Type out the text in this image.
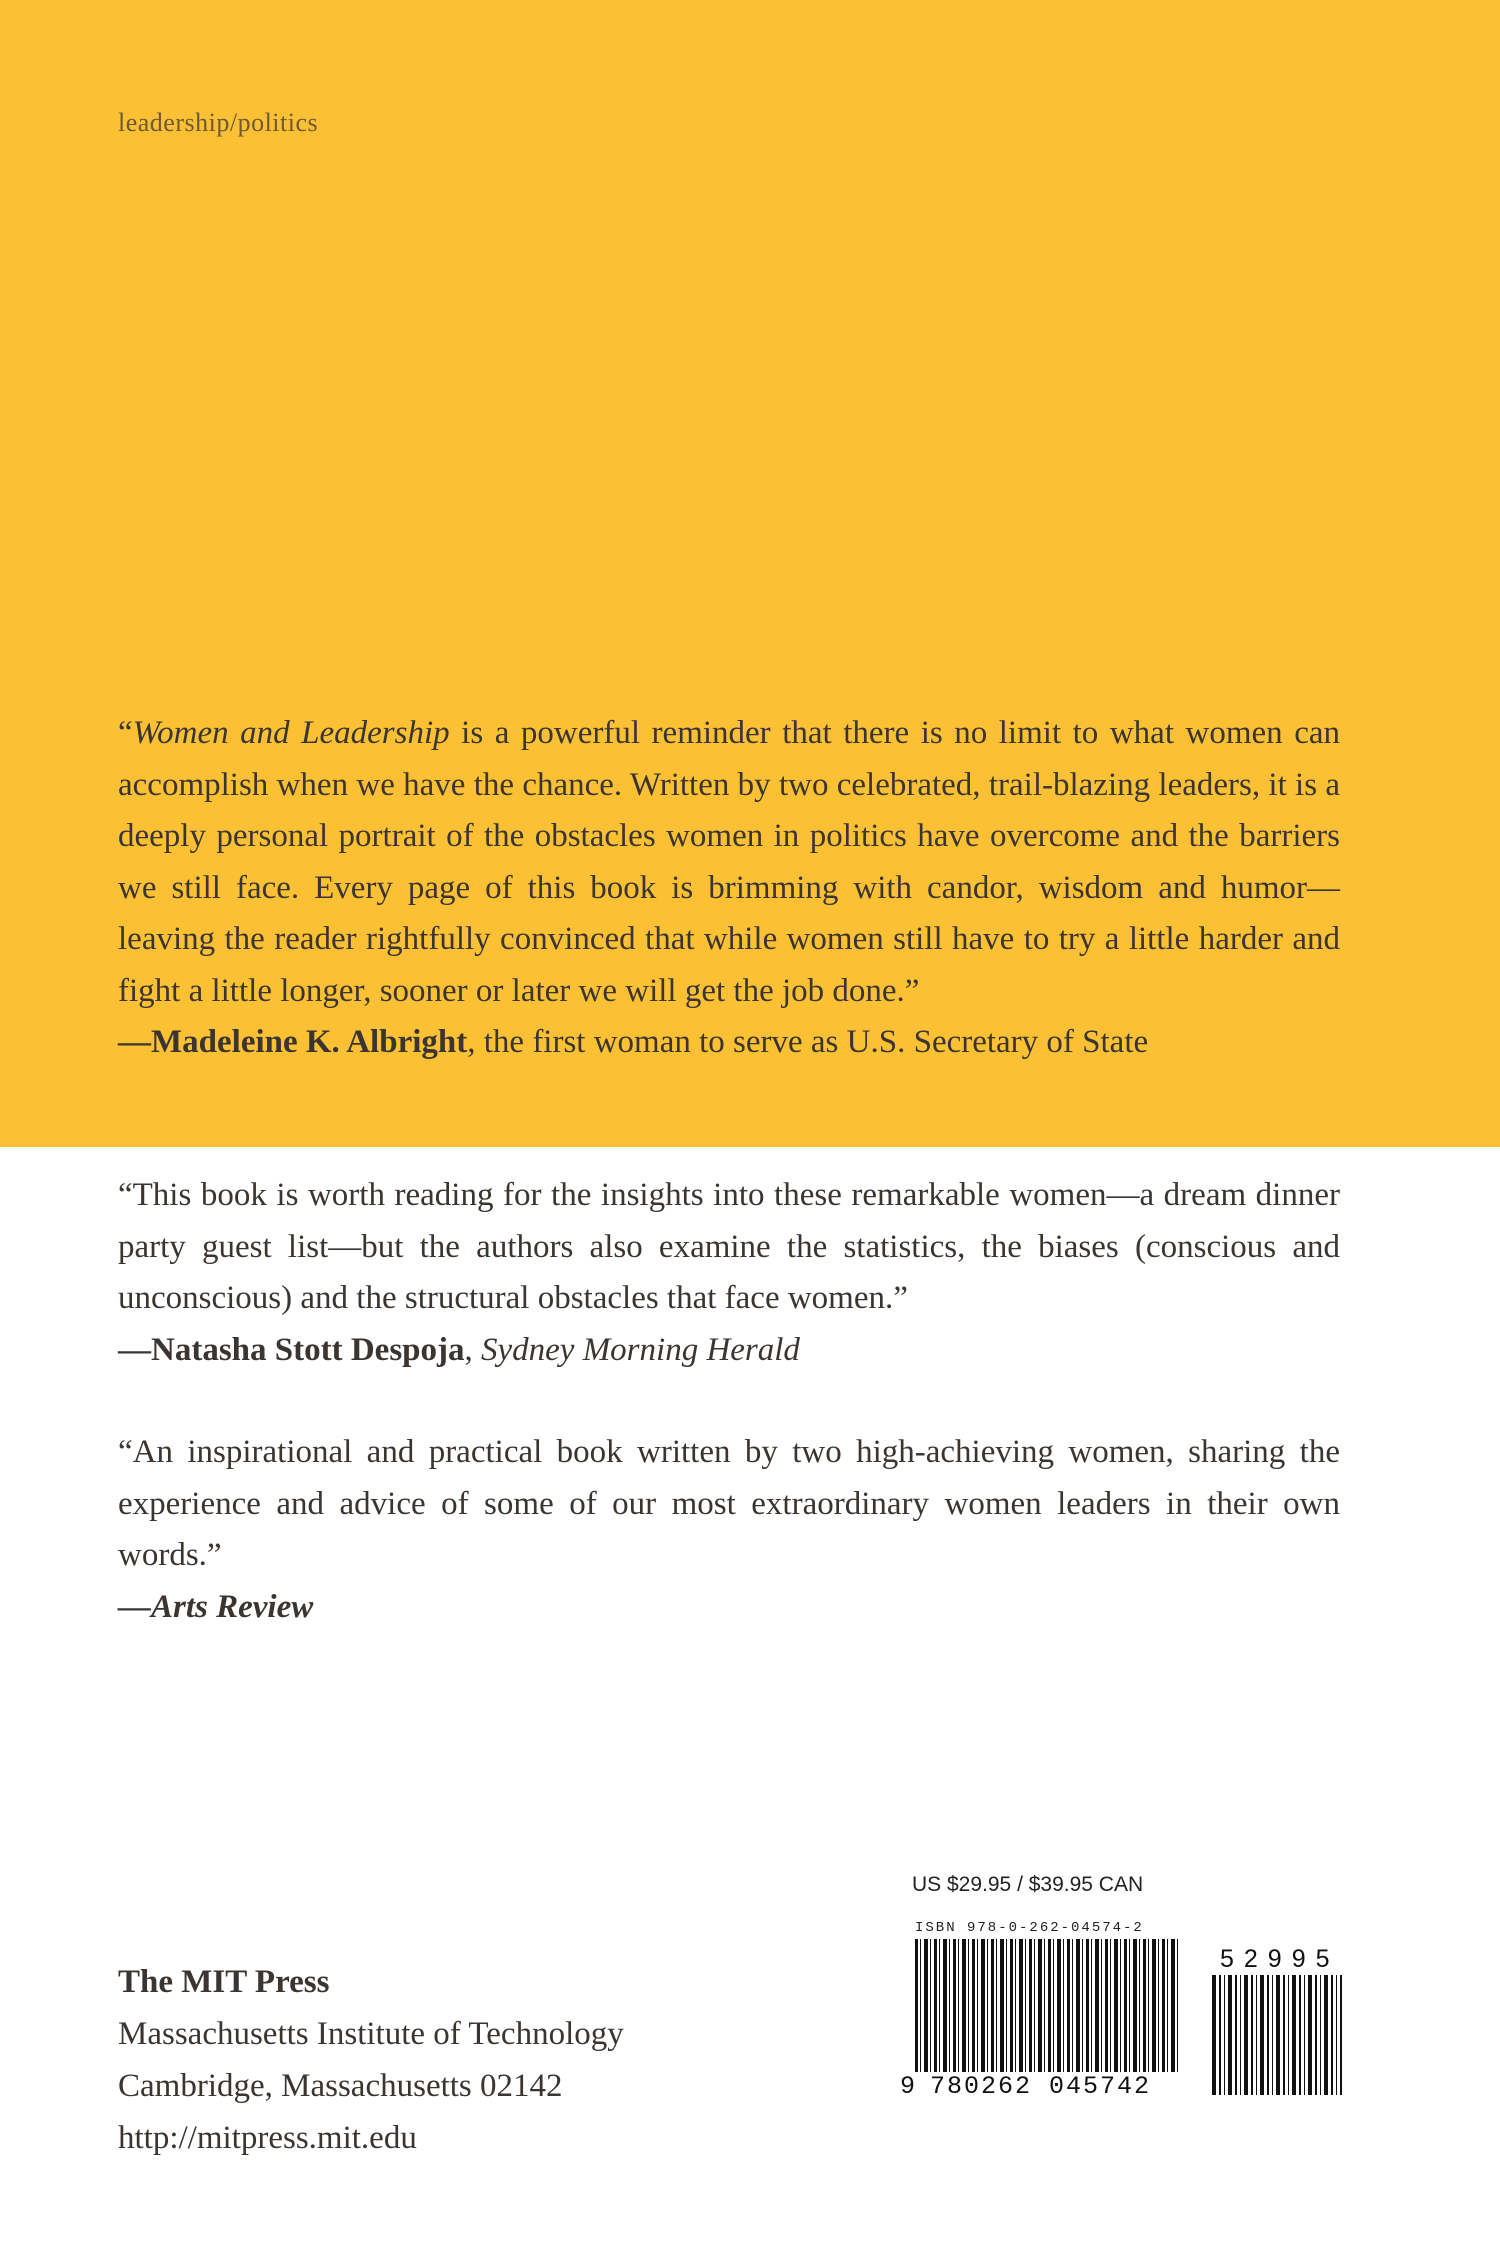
leadership/politics

“Women and Leadership is a powerful reminder that there is no limit to what women can accomplish when we have the chance. Written by two celebrated, trail-blazing leaders, it is a deeply personal portrait of the obstacles women in politics have overcome and the barriers we still face. Every page of this book is brimming with candor, wisdom and humor—leaving the reader rightfully convinced that while women still have to try a little harder and fight a little longer, sooner or later we will get the job done.”

—Madeleine K. Albright, the first woman to serve as U.S. Secretary of State

“This book is worth reading for the insights into these remarkable women—a dream dinner party guest list—but the authors also examine the statistics, the biases (conscious and unconscious) and the structural obstacles that face women.”

—Natasha Stott Despoja, Sydney Morning Herald

“An inspirational and practical book written by two high-achieving women, sharing the experience and advice of some of our most extraordinary women leaders in their own words.”

—Arts Review

The MIT Press
Massachusetts Institute of Technology
Cambridge, Massachusetts 02142
http://mitpress.mit.edu
US $29.95 / $39.95 CAN
ISBN 978-0-262-04574-2
9 780262 045742
52995
